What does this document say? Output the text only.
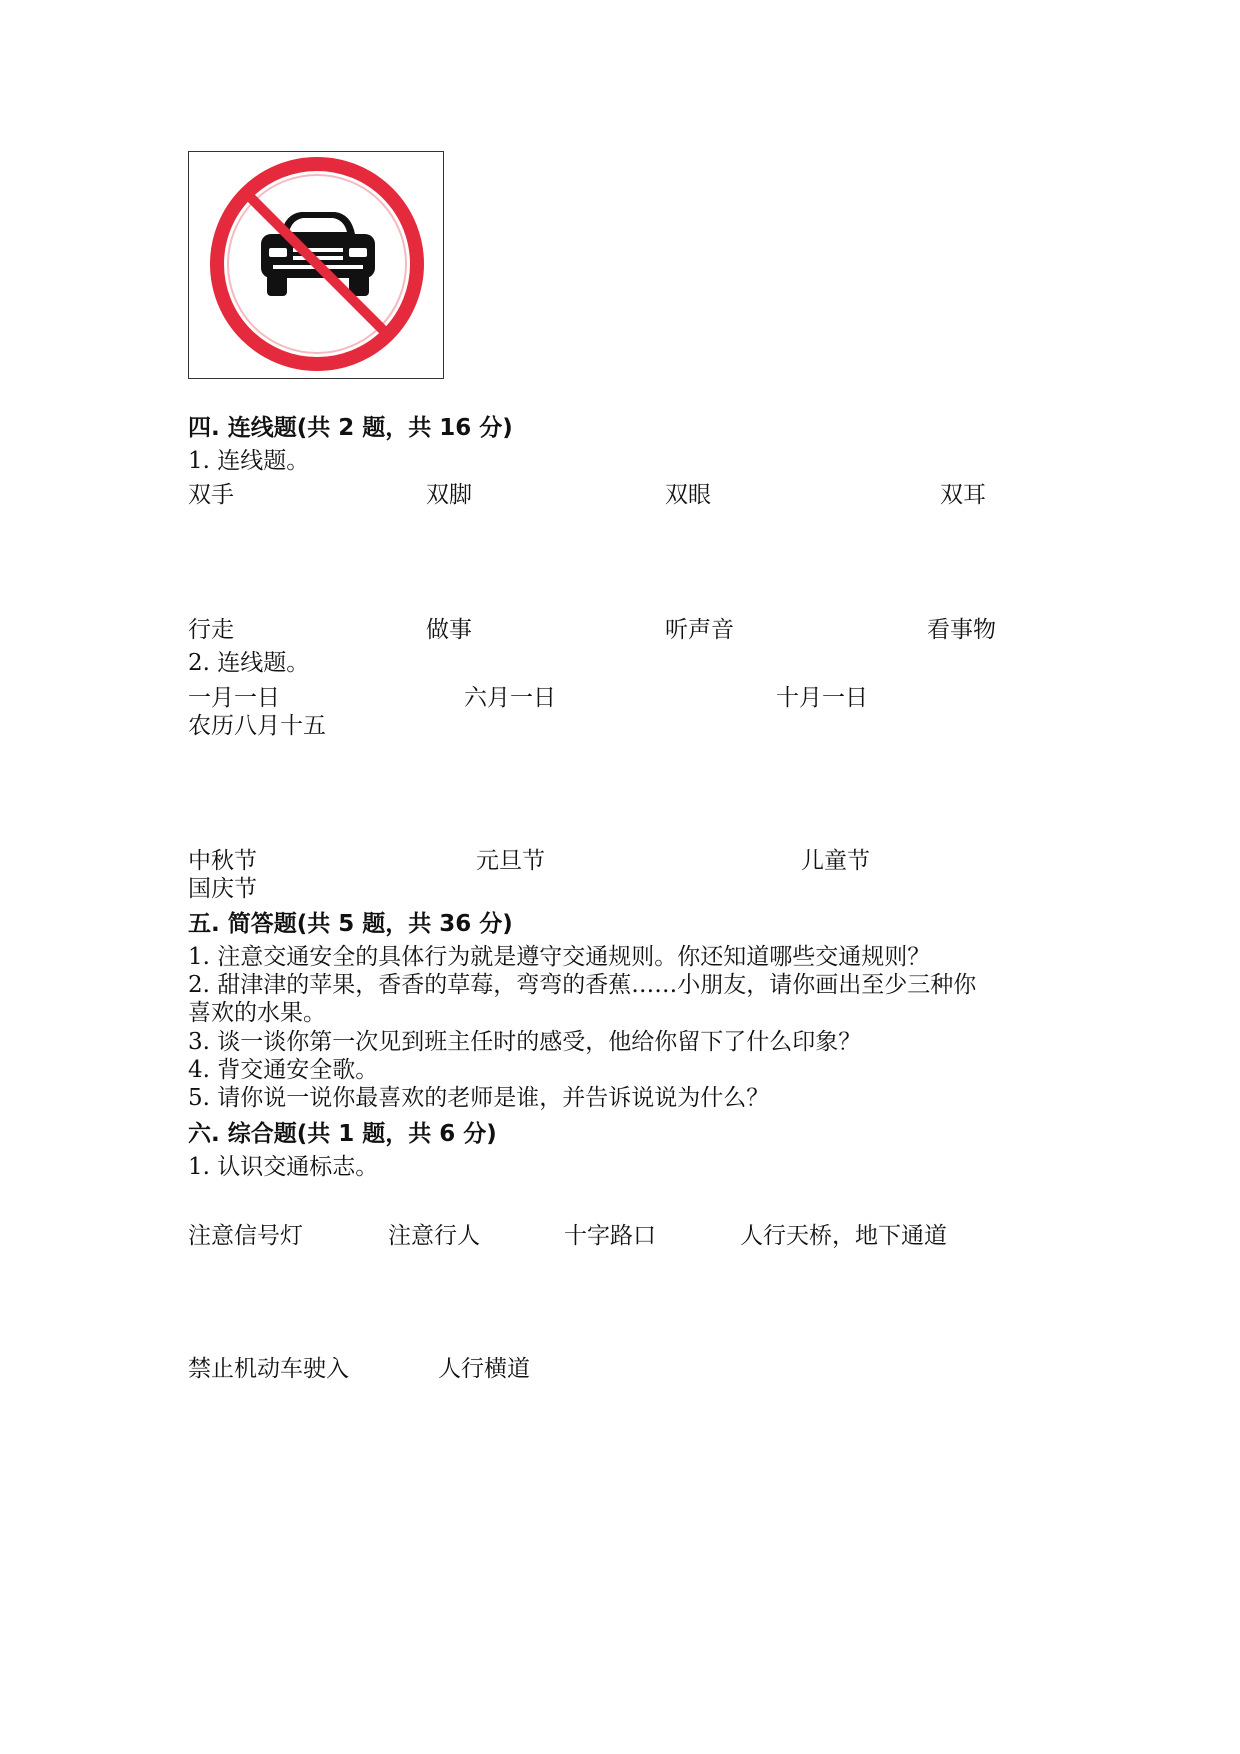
四. 连线题(共 2 题，共 16 分)
1. 连线题。
双手	双脚	双眼	双耳
行走	做事	听声音	看事物
2. 连线题。
一月一日	六月一日	十月一日
农历八月十五
中秋节	元旦节	儿童节
国庆节
五. 简答题(共 5 题，共 36 分)
1. 注意交通安全的具体行为就是遵守交通规则。你还知道哪些交通规则？
2. 甜津津的苹果，香香的草莓，弯弯的香蕉……小朋友，请你画出至少三种你
喜欢的水果。
3. 谈一谈你第一次见到班主任时的感受，他给你留下了什么印象？
4. 背交通安全歌。
5. 请你说一说你最喜欢的老师是谁，并告诉说说为什么？
六. 综合题(共 1 题，共 6 分)
1. 认识交通标志。
注意信号灯	注意行人	十字路口	人行天桥，地下通道
禁止机动车驶入	人行横道
